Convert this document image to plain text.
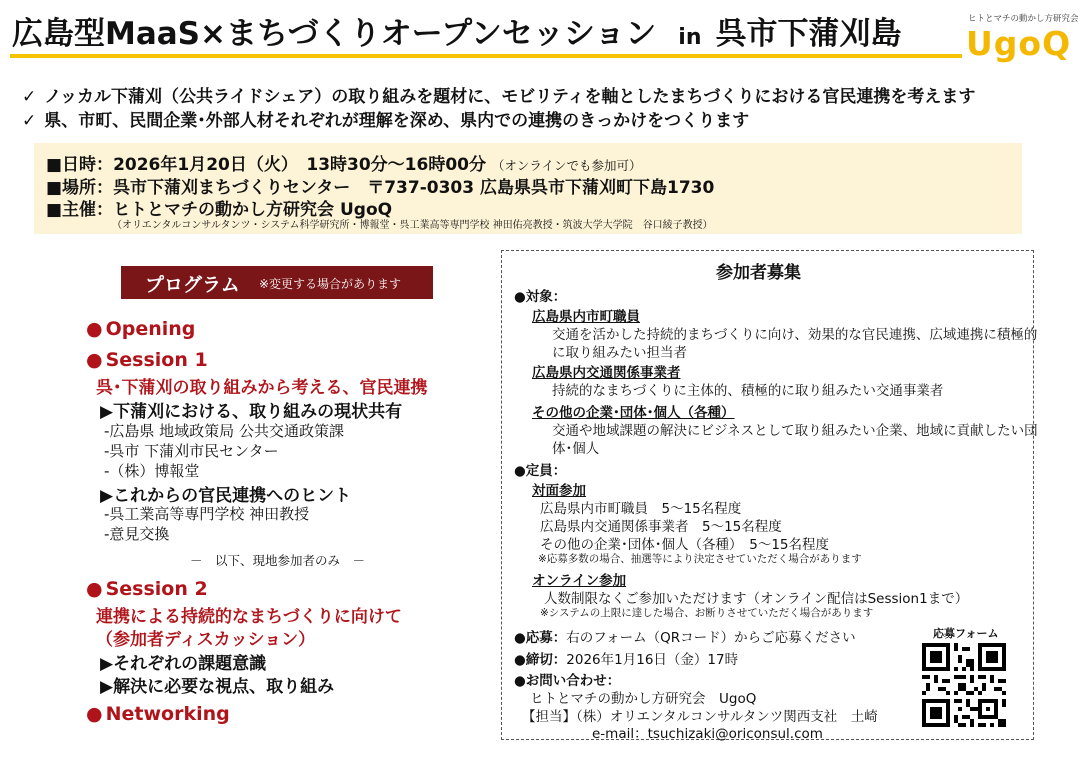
広島型MaaS×まちづくりオープンセッション in 呉市下蒲刈島	ヒトとマチの動かし方研究会
UgoQ
✓ ノッカル下蒲刈（公共ライドシェア）の取り組みを題材に、モビリティを軸としたまちづくりにおける官民連携を考えます
✓ 県、市町、民間企業･外部人材それぞれが理解を深め、県内での連携のきっかけをつくります
■日時：2026年1月20日（火）　13時30分～16時00分 （オンラインでも参加可）
■場所：呉市下蒲刈まちづくりセンター　〒737-0303 広島県呉市下蒲刈町下島1730
■主催：ヒトとマチの動かし方研究会 UgoQ
（オリエンタルコンサルタンツ・システム科学研究所・博報堂・呉工業高等専門学校 神田佑亮教授・筑波大学大学院　谷口綾子教授）
プログラム ※変更する場合があります
● Opening
● Session 1
呉･下蒲刈の取り組みから考える、官民連携
▶下蒲刈における、取り組みの現状共有
-広島県 地域政策局 公共交通政策課
-呉市 下蒲刈市民センター
-（株）博報堂
▶これからの官民連携へのヒント
-呉工業高等専門学校 神田教授
-意見交換
－　以下、現地参加者のみ　－
● Session 2
連携による持続的なまちづくりに向けて
（参加者ディスカッション）
▶それぞれの課題意識
▶解決に必要な視点、取り組み
● Networking
参加者募集
●対象：
広島県内市町職員
交通を活かした持続的まちづくりに向け、効果的な官民連携、広域連携に積極的
に取り組みたい担当者
広島県内交通関係事業者
持続的なまちづくりに主体的、積極的に取り組みたい交通事業者
その他の企業･団体･個人（各種）
交通や地域課題の解決にビジネスとして取り組みたい企業、地域に貢献したい団
体･個人
●定員：
対面参加
広島県内市町職員　5～15名程度
広島県内交通関係事業者　5～15名程度
その他の企業･団体･個人（各種）　5～15名程度
※応募多数の場合、抽選等により決定させていただく場合があります
オンライン参加
人数制限なくご参加いただけます（オンライン配信はSession1まで）
※システムの上限に達した場合、お断りさせていただく場合があります
●応募：右のフォーム（QRコード）からご応募ください
●締切：2026年1月16日（金）17時
●お問い合わせ：
ヒトとマチの動かし方研究会　UgoQ
【担当】（株）オリエンタルコンサルタンツ関西支社　土崎
e-mail：tsuchizaki@oriconsul.com
応募フォーム
